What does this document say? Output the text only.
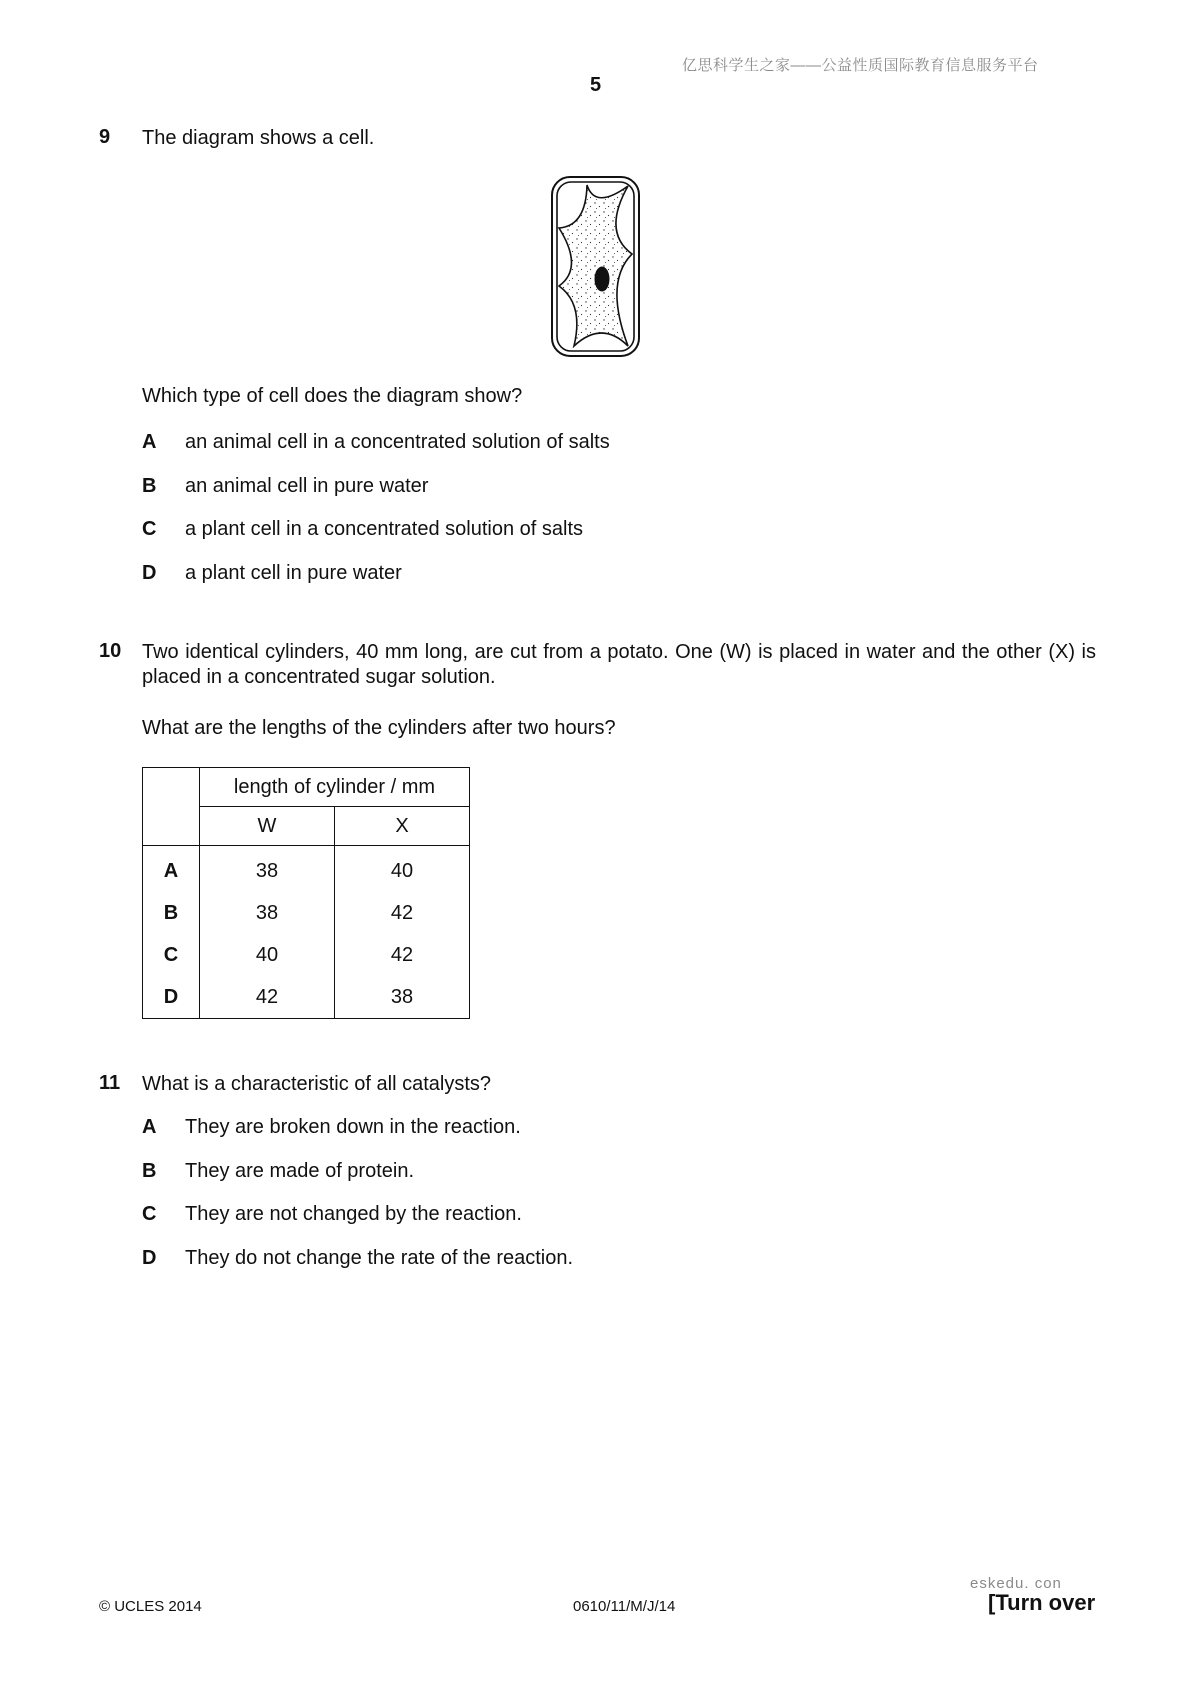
亿思科学生之家——公益性质国际教育信息服务平台
5
9 The diagram shows a cell.
Which type of cell does the diagram show?
A an animal cell in a concentrated solution of salts
B an animal cell in pure water
C a plant cell in a concentrated solution of salts
D a plant cell in pure water
10 Two identical cylinders, 40 mm long, are cut from a potato. One (W) is placed in water and the other (X) is placed in a concentrated sugar solution.
What are the lengths of the cylinders after two hours?
	length of cylinder / mm	
	W	X
A	38	40
B	38	42
C	40	42
D	42	38
11 What is a characteristic of all catalysts?
A They are broken down in the reaction.
B They are made of protein.
C They are not changed by the reaction.
D They do not change the rate of the reaction.
eskedu. con
© UCLES 2014	0610/11/M/J/14	[Turn over
